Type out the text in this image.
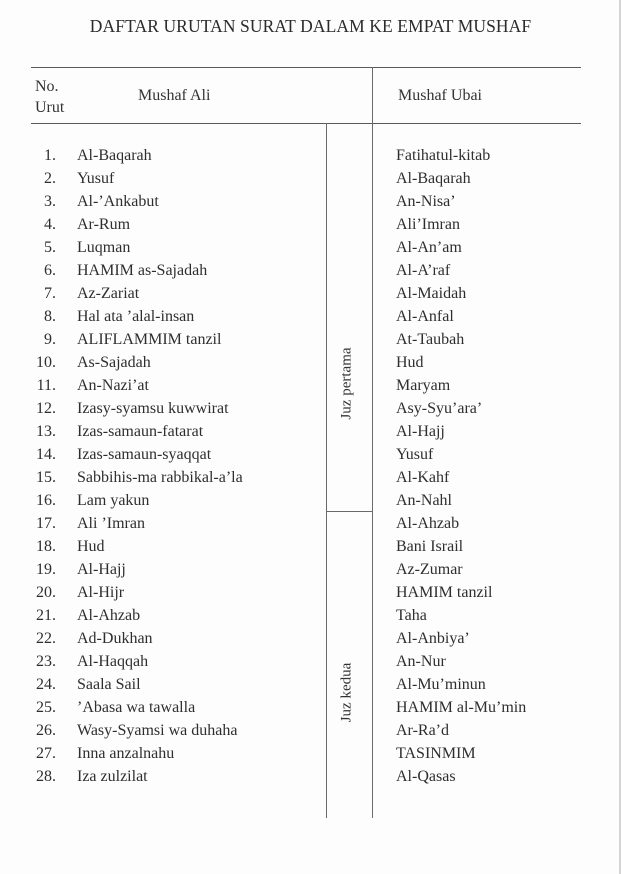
DAFTAR URUTAN SURAT DALAM KE EMPAT MUSHAF
No.
Urut
Mushaf Ali	Mushaf Ubai
Juz pertama
Juz kedua
1. Al-Baqarah	Fatihatul-kitab
2. Yusuf	Al-Baqarah
3. Al-’Ankabut	An-Nisa’
4. Ar-Rum	Ali’Imran
5. Luqman	Al-An’am
6. HAMIM as-Sajadah	Al-A’raf
7. Az-Zariat	Al-Maidah
8. Hal ata ’alal-insan	Al-Anfal
9. ALIFLAMMIM tanzil	At-Taubah
10. As-Sajadah	Hud
11. An-Nazi’at	Maryam
12. Izasy-syamsu kuwwirat	Asy-Syu’ara’
13. Izas-samaun-fatarat	Al-Hajj
14. Izas-samaun-syaqqat	Yusuf
15. Sabbihis-ma rabbikal-a’la	Al-Kahf
16. Lam yakun	An-Nahl
17. Ali ’Imran	Al-Ahzab
18. Hud	Bani Israil
19. Al-Hajj	Az-Zumar
20. Al-Hijr	HAMIM tanzil
21. Al-Ahzab	Taha
22. Ad-Dukhan	Al-Anbiya’
23. Al-Haqqah	An-Nur
24. Saala Sail	Al-Mu’minun
25. ’Abasa wa tawalla	HAMIM al-Mu’min
26. Wasy-Syamsi wa duhaha	Ar-Ra’d
27. Inna anzalnahu	TASINMIM
28. Iza zulzilat	Al-Qasas
